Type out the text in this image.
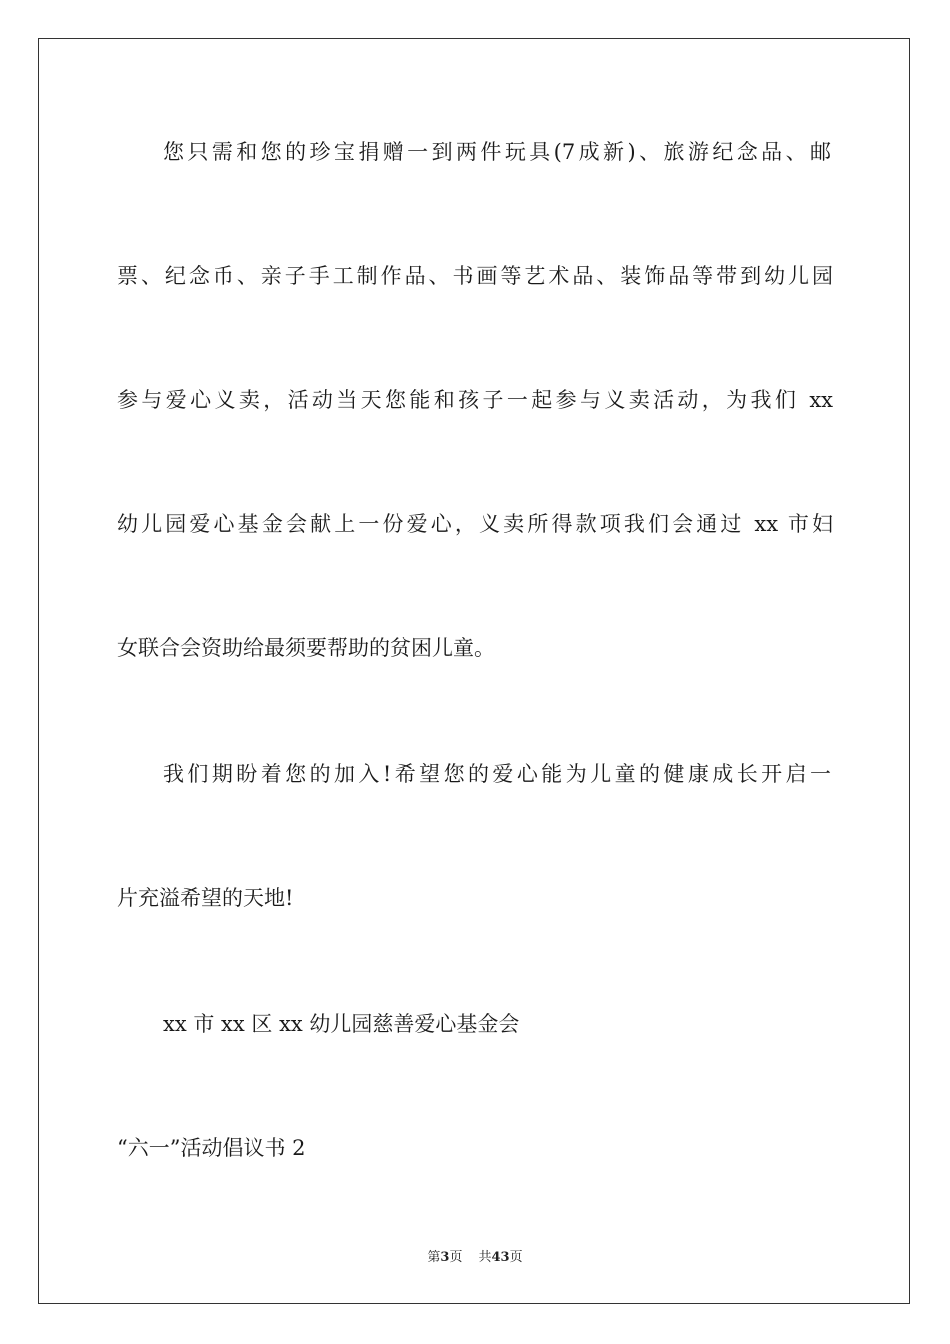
您只需和您的珍宝捐赠一到两件玩具(7成新)、旅游纪念品、邮
票、纪念币、亲子手工制作品、书画等艺术品、装饰品等带到幼儿园
参与爱心义卖，活动当天您能和孩子一起参与义卖活动，为我们 xx
幼儿园爱心基金会献上一份爱心，义卖所得款项我们会通过 xx 市妇
女联合会资助给最须要帮助的贫困儿童。
我们期盼着您的加入!希望您的爱心能为儿童的健康成长开启一
片充溢希望的天地!
xx 市 xx 区 xx 幼儿园慈善爱心基金会
“六一”活动倡议书 2
第3页 共43页
